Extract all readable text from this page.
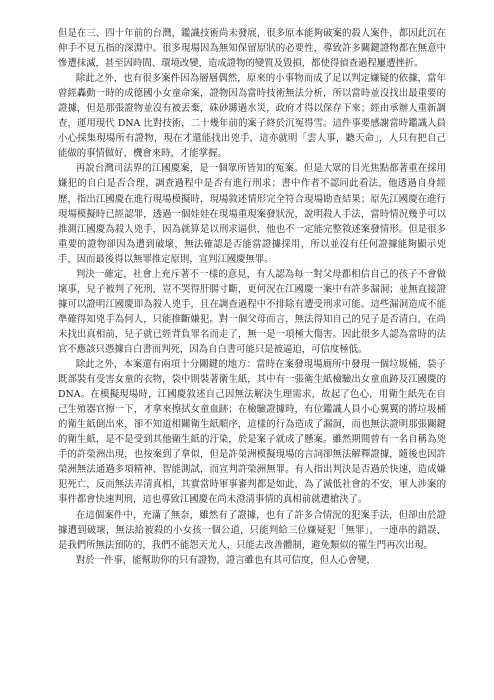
但是在三、四十年前的台灣，鑑識技術尚未發展，很多原本能夠破案的殺人案件，都因此沉在伸手不見五指的深淵中。很多現場因為無知保留原狀的必要性，導致許多關鍵證物都在無意中慘遭抹滅，甚至因時間、環境改變，造成證物的變質及毀損，都使得偵查過程屢遭挫折。

除此之外，也有很多案件因為層層偶然，原來的小事物而成了足以判定嫌疑的依據，當年曾經轟動一時的成德國小女童命案，證物因為當時技術無法分析，所以當時並沒找出最重要的證據，但是那張證物並沒有被丟棄，硃砂縣過水災，政府才得以保存下來；經由承辦人重新調查，運用現代 DNA 比對技術，二十幾年前的案子終於沉冤得雪。這件事要感謝當時鑑識人員小心採集現場所有證物，現在才還能找出兇手，這亦就明「雲人事，聽天命」，人只有把自己能做的事情做好，機會來時，才能掌握。

再說台灣司法界的江國慶案，是一個眾所皆知的冤案。但是大眾的目光焦點都著重在採用嫌犯的自白是否合理，調查過程中是否有進行刑求；書中作者不認同此看法，他透過自身經歷，指出江國慶在進行現場模擬時，現場敘述情形完全符合現場勘查結果；原先江國慶在進行現場模擬時已經認罪，透過一個娃娃在現場重現案發狀況，說明殺人手法，當時情況幾乎可以推測江國慶為殺人兇手，因為就算是以刑求逼供，他也不一定能完整敘述案發情形。但是很多重要的證物卻因為遭到破壞，無法確認是否能當證據採用，所以並沒有任何證據能夠顯示兇手，因而最後得以無罪推定原則，宣判江國慶無罪。

判決一確定，社會上充斥著不一樣的意見，有人認為每一對父母都相信自己的孩子不會做壞事，兒子被判了死刑，豈不哭得肝腸寸斷，更何況在江國慶一案中有許多漏洞；並無直接證據可以證明江國慶即為殺人兇手，且在調查過程中不排除有遭受刑求可能。這些漏洞造成不能準確得知兇手為何人，只能推斷嫌犯。對一個父母而言，無法得知自己的兒子是否清白，在尚未找出真相前，兒子就已經背負罪名而走了，無一是一項極大傷害。因此很多人認為當時的法官不應該只憑據自白書而判死，因為自白書可能只是被逼迫，可信度極低。

除此之外，本案還有兩項十分關鍵的地方：當時在案發現場廁所中發現一個垃圾桶，袋子既部裝有受害女童的衣物，袋中則裝著衛生紙，其中有一張衛生紙檢驗出女童血跡及江國慶的 DNA。在模擬現場時，江國慶敘述自己因無法解決生理需求，故起了色心，用衛生紙先在自己生殖器官擦一下，才拿來擦拭女童血跡；在檢驗證據時，有位鑑識人員小心翼翼的將垃圾桶的衛生紙倒出來，卻不知道相關衛生紙順序，這樣的行為造成了漏洞，而也無法證明那張關鍵的衛生紙，是不是受到其他衛生紙的汙染，於是案子就成了懸案。雖然期間曾有一名自稱為兇手的許榮洲出現，也按案到了拿似，但是許榮洲模擬現場的言詞卻無法解釋證據，隨後也因許榮洲無法通過多項精神、智能測試，而宣判許榮洲無罪。有人指出判決是否過於快速，造成嫌犯死亡，反而無法弄清真相，其實當時軍事審判都是如此，為了減低社會的不安，軍人涉案的事件都會快速判刑，這也導致江國慶在尚未澄清事情的真相前就遭槍決了。

在這個案件中，充滿了無奈，雖然有了證據，也有了許多合情況的犯案手法，但卻由於證據遭到破壞，無法給被殺的小女孩一個公道，只能判給三位嫌疑犯「無罪」，一連串的錯誤，是我們所無法預防的，我們不能怨天尤人，只能去改善體制，避免類似的罹生門再次出現。

對於一件事，能幫助你的只有證物，證言雖也有其可信度，但人心會變，
